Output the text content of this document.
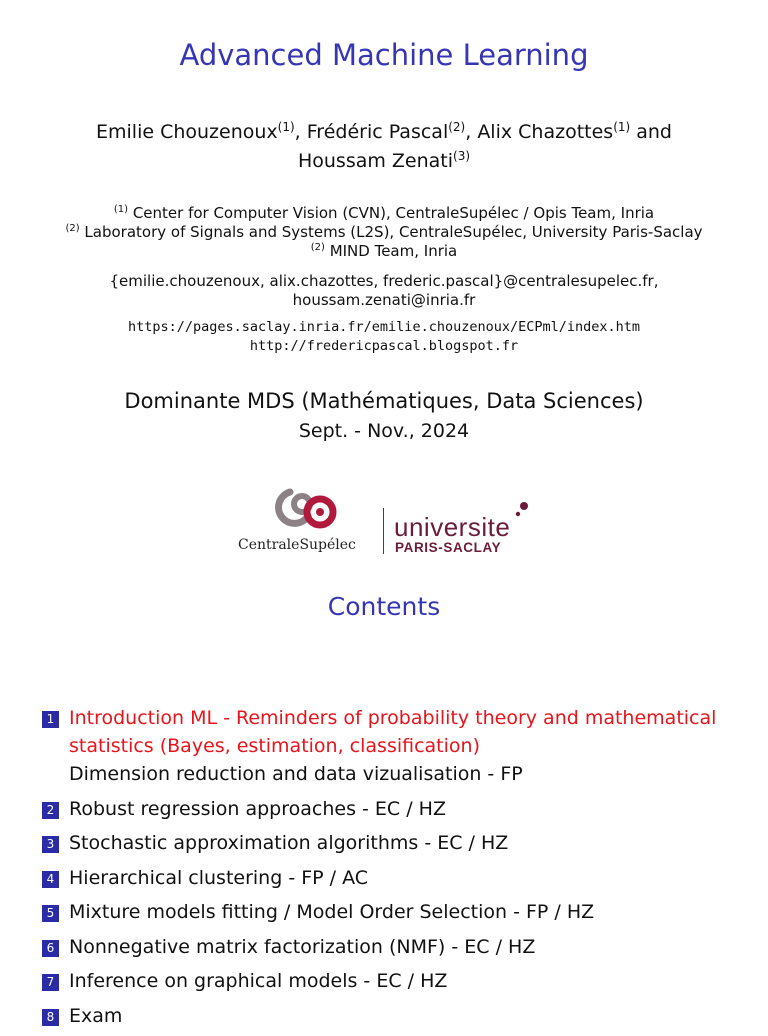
Advanced Machine Learning
Emilie Chouzenoux$^{(1)}$, Frédéric Pascal$^{(2)}$, Alix Chazottes$^{(1)}$ and
Houssam Zenati$^{(3)}$
$^{(1)}$ Center for Computer Vision (CVN), CentraleSupélec / Opis Team, Inria
$^{(2)}$ Laboratory of Signals and Systems (L2S), CentraleSupélec, University Paris-Saclay
$^{(2)}$ MIND Team, Inria
{emilie.chouzenoux, alix.chazottes, frederic.pascal}@centralesupelec.fr,
houssam.zenati@inria.fr
https://pages.saclay.inria.fr/emilie.chouzenoux/ECPml/index.htm
http://fredericpascal.blogspot.fr
Dominante MDS (Mathématiques, Data Sciences)
Sept. - Nov., 2024
CentraleSupélec
universite
PARIS-SACLAY
Contents
1 Introduction ML - Reminders of probability theory and mathematical statistics (Bayes, estimation, classification)
Dimension reduction and data vizualisation - FP
2 Robust regression approaches - EC / HZ
3 Stochastic approximation algorithms - EC / HZ
4 Hierarchical clustering - FP / AC
5 Mixture models fitting / Model Order Selection - FP / HZ
6 Nonnegative matrix factorization (NMF) - EC / HZ
7 Inference on graphical models - EC / HZ
8 Exam
